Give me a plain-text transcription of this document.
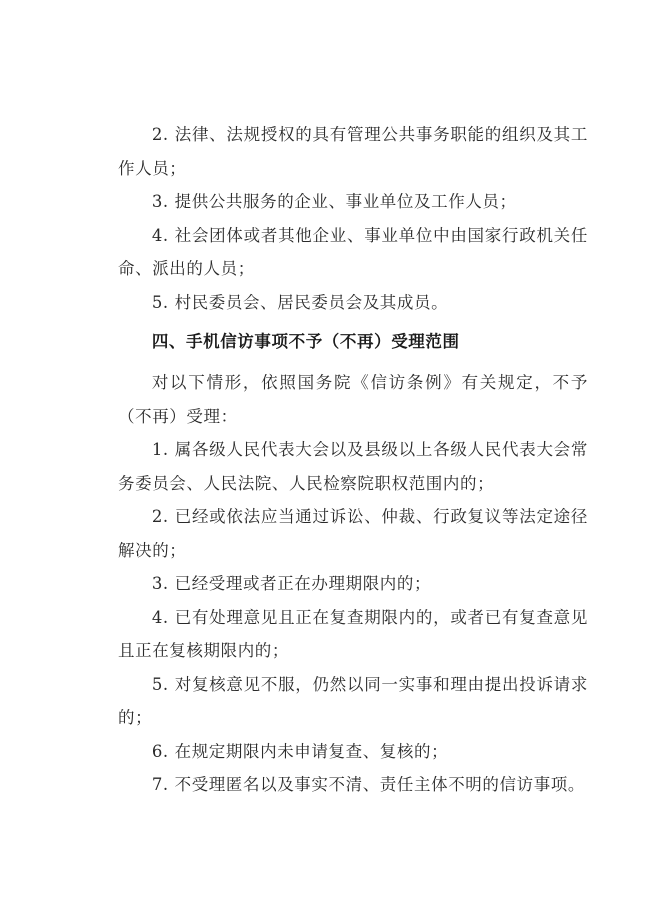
2. 法律、法规授权的具有管理公共事务职能的组织及其工作人员；

3. 提供公共服务的企业、事业单位及工作人员；

4. 社会团体或者其他企业、事业单位中由国家行政机关任命、派出的人员；

5. 村民委员会、居民委员会及其成员。

四、手机信访事项不予（不再）受理范围

对以下情形，依照国务院《信访条例》有关规定，不予（不再）受理：

1. 属各级人民代表大会以及县级以上各级人民代表大会常务委员会、人民法院、人民检察院职权范围内的；

2. 已经或依法应当通过诉讼、仲裁、行政复议等法定途径解决的；

3. 已经受理或者正在办理期限内的；

4. 已有处理意见且正在复查期限内的，或者已有复查意见且正在复核期限内的；

5. 对复核意见不服，仍然以同一实事和理由提出投诉请求的；

6. 在规定期限内未申请复查、复核的；

7. 不受理匿名以及事实不清、责任主体不明的信访事项。
